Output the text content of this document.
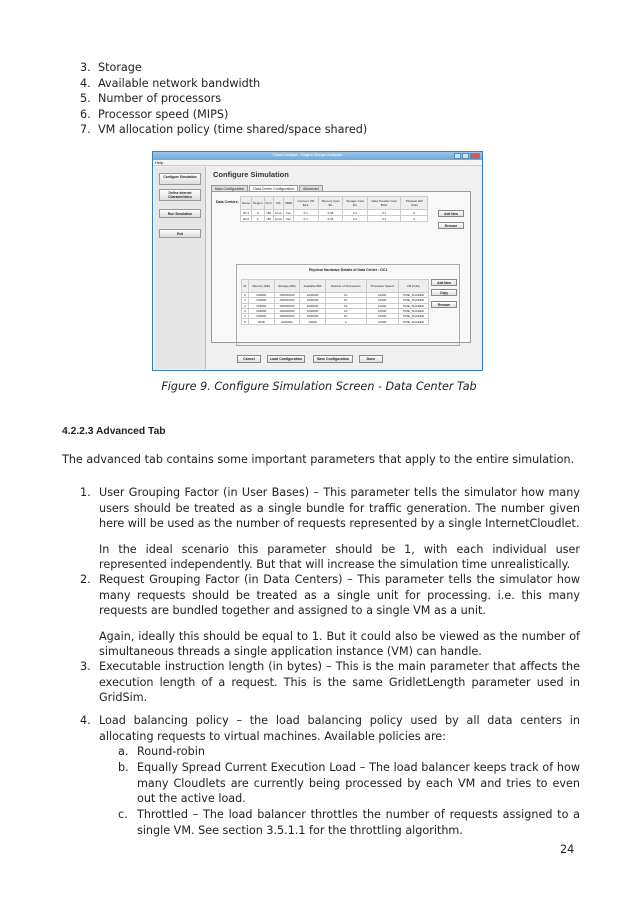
3. Storage
4. Available network bandwidth
5. Number of processors
6. Processor speed (MIPS)
7. VM allocation policy (time shared/space shared)
Cloud Analyst - Region Scope Analysis ...
Help
Configure Simulation
Define Internet Characteristics
Run Simulation
Exit
Configure Simulation
Main Configuration	Data Center Configuration	Advanced
Data Centers: Name	Region	Arch	OS	VMM	Cost per VM $/Hr	Memory Cost $/s	Storage Cost $/s	Data Transfer Cost $/Gb	Physical HW Units
DC1	0	x86	Linux	Xen	0.1	0.05	0.1	0.1	6
DC2	1	x86	Linux	Xen	0.1	0.05	0.1	0.1	2
Add New
Remove
Physical Hardware Details of Data Center : DC1
Id	Memory (Mb)	Storage (Mb)	Available BW	Number of Processors	Processor Speed	VM Policy
0	204800	100000000	1000000	10	10000	TIME_SHARED
1	204800	100000000	1000000	10	10000	TIME_SHARED
2	204800	100000000	1000000	10	10000	TIME_SHARED
3	204800	100000000	1000000	10	10000	TIME_SHARED
4	204800	100000000	1000000	10	10000	TIME_SHARED
5	2048	1000000	10000	4	10000	TIME_SHARED
Add New
Copy
Remove
Cancel	Load Configuration	Save Configuration	Done
Figure 9. Configure Simulation Screen - Data Center Tab
4.2.2.3 Advanced Tab
The advanced tab contains some important parameters that apply to the entire simulation.
1. User Grouping Factor (in User Bases) – This parameter tells the simulator how many users should be treated as a single bundle for traffic generation. The number given here will be used as the number of requests represented by a single InternetCloudlet.
In the ideal scenario this parameter should be 1, with each individual user represented independently. But that will increase the simulation time unrealistically.
2. Request Grouping Factor (in Data Centers) – This parameter tells the simulator how many requests should be treated as a single unit for processing. i.e. this many requests are bundled together and assigned to a single VM as a unit.
Again, ideally this should be equal to 1. But it could also be viewed as the number of simultaneous threads a single application instance (VM) can handle.
3. Executable instruction length (in bytes) – This is the main parameter that affects the execution length of a request. This is the same GridletLength parameter used in GridSim.
4. Load balancing policy – the load balancing policy used by all data centers in allocating requests to virtual machines. Available policies are:
a. Round-robin
b. Equally Spread Current Execution Load – The load balancer keeps track of how many Cloudlets are currently being processed by each VM and tries to even out the active load.
c. Throttled – The load balancer throttles the number of requests assigned to a single VM. See section 3.5.1.1 for the throttling algorithm.
24
